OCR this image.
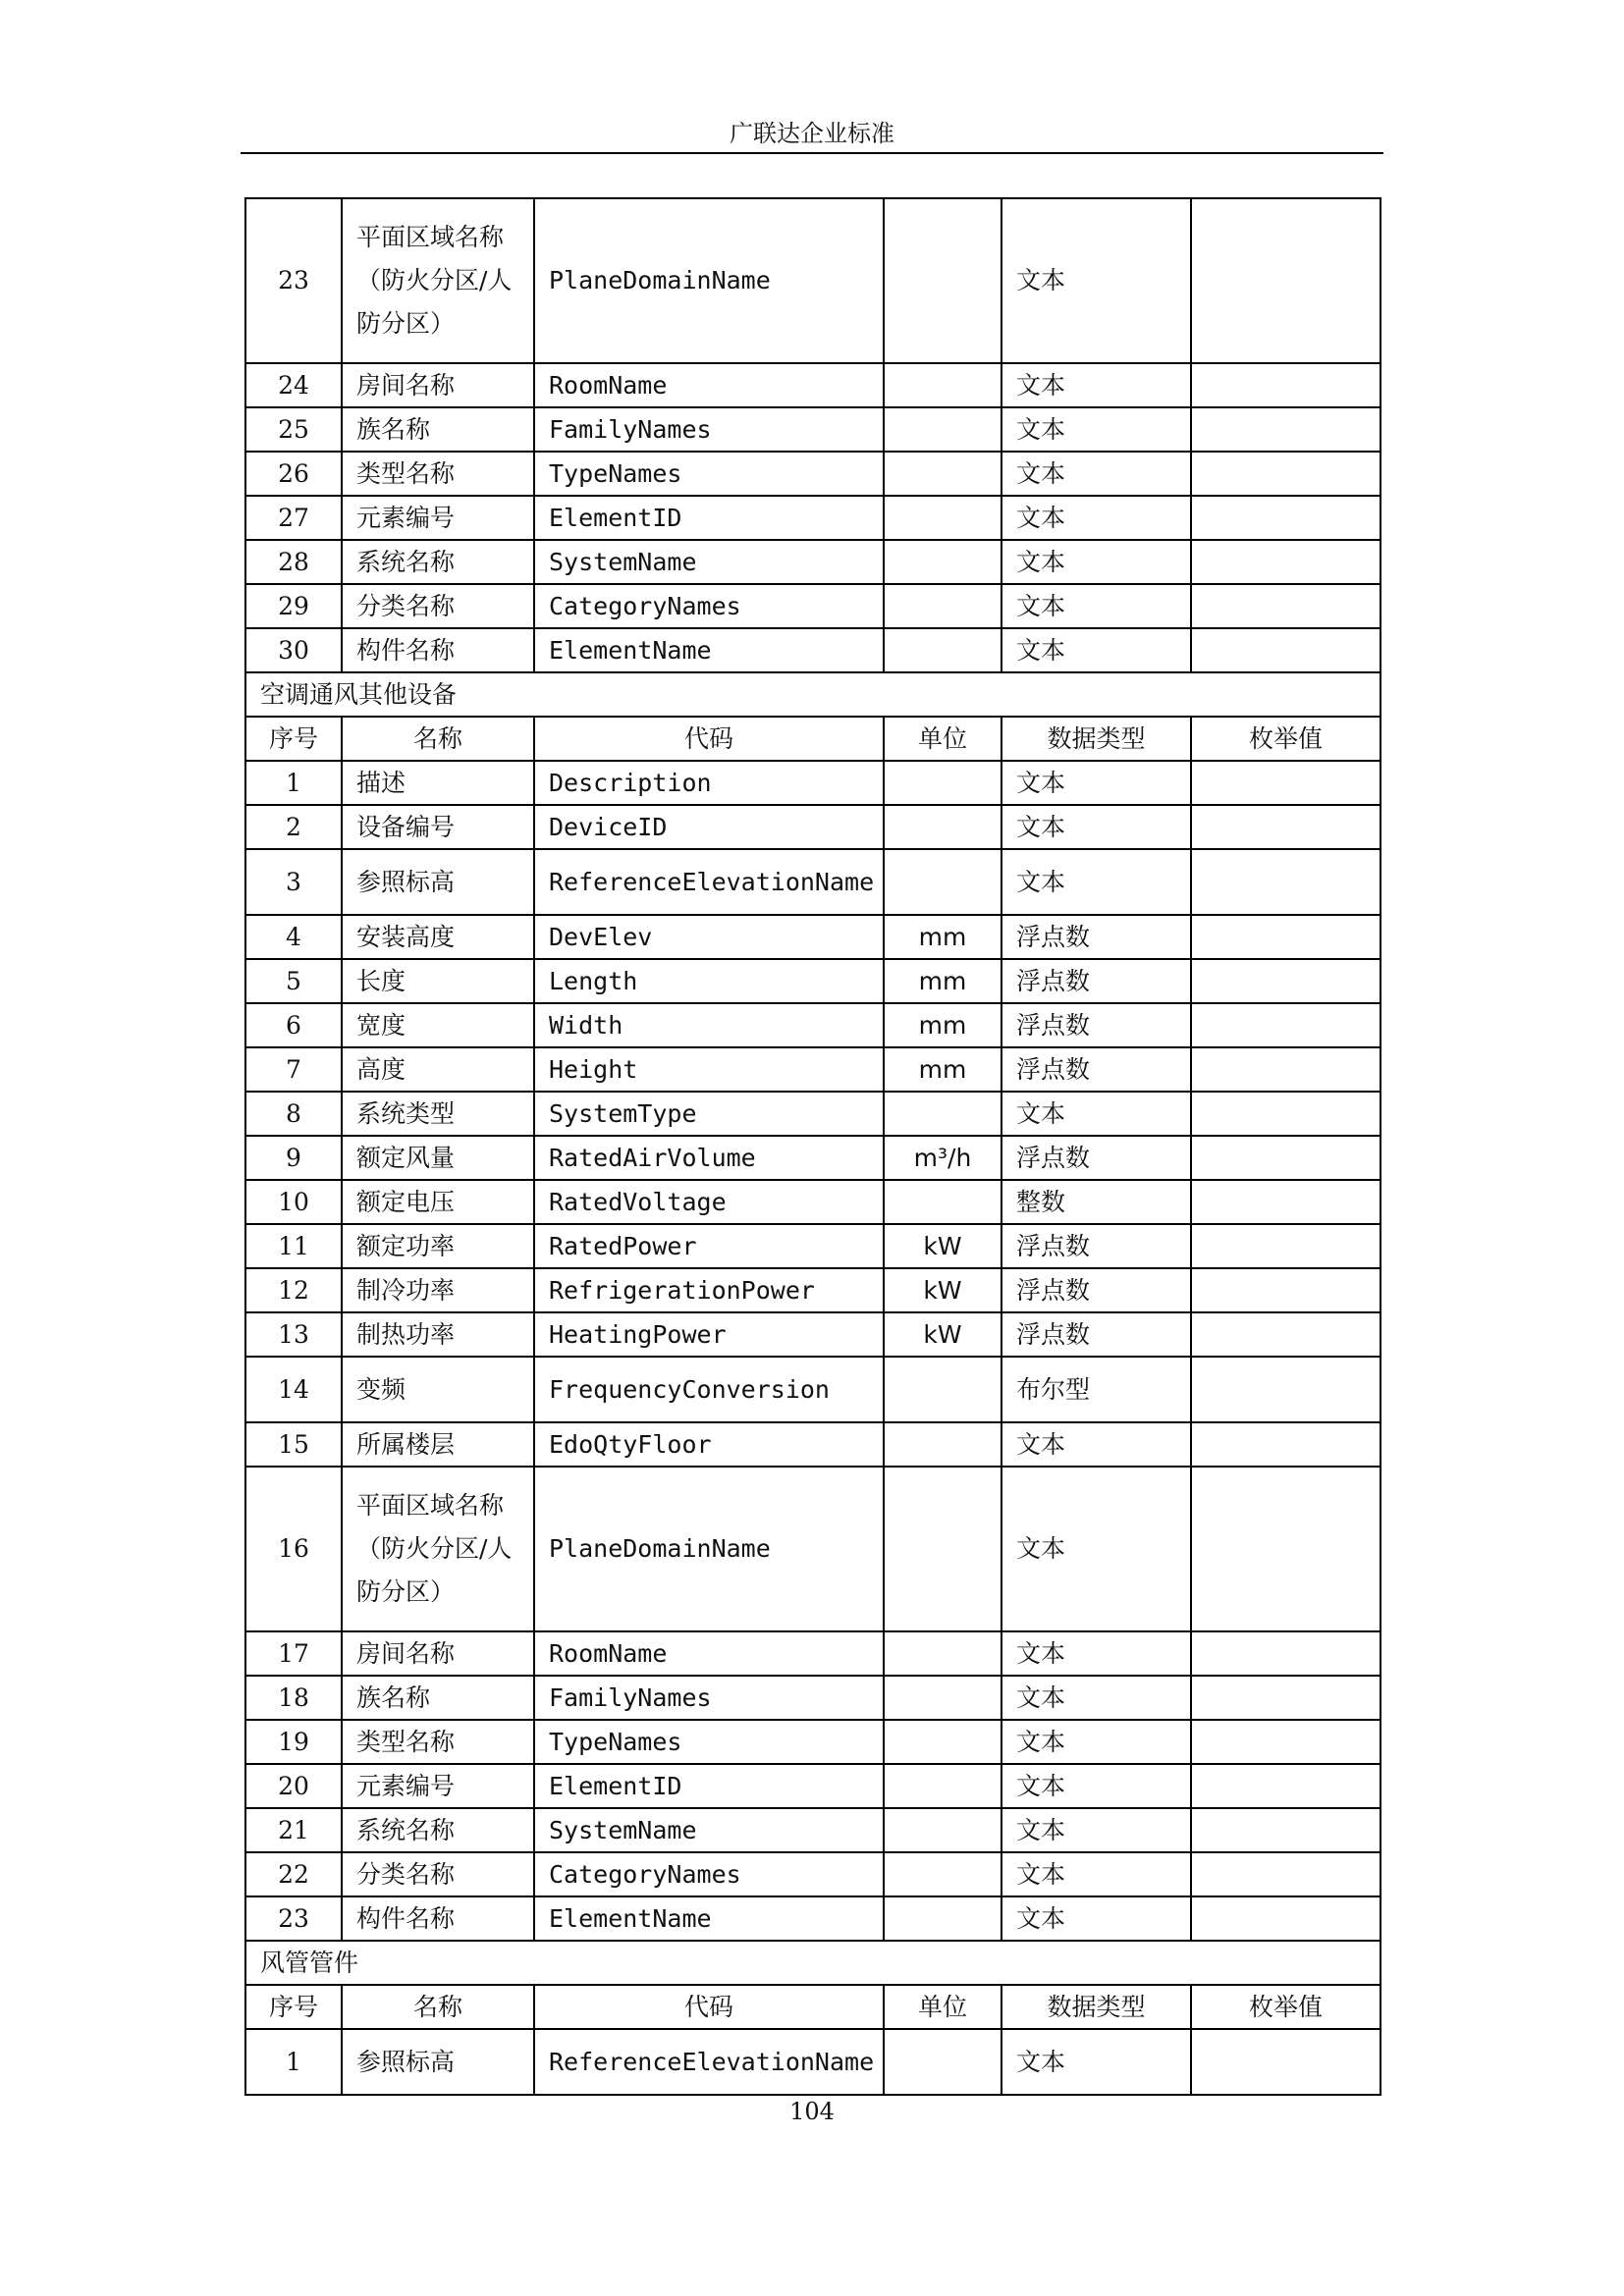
广联达企业标准
23	平面区域名称（防火分区/人防分区）	PlaneDomainName		文本	
24	房间名称	RoomName		文本	
25	族名称	FamilyNames		文本	
26	类型名称	TypeNames		文本	
27	元素编号	ElementID		文本	
28	系统名称	SystemName		文本	
29	分类名称	CategoryNames		文本	
30	构件名称	ElementName		文本	
空调通风其他设备					
序号	名称	代码	单位	数据类型	枚举值
1	描述	Description		文本	
2	设备编号	DeviceID		文本	
3	参照标高	ReferenceElevationName		文本	
4	安装高度	DevElev	mm	浮点数	
5	长度	Length	mm	浮点数	
6	宽度	Width	mm	浮点数	
7	高度	Height	mm	浮点数	
8	系统类型	SystemType		文本	
9	额定风量	RatedAirVolume	m³/h	浮点数	
10	额定电压	RatedVoltage		整数	
11	额定功率	RatedPower	kW	浮点数	
12	制冷功率	RefrigerationPower	kW	浮点数	
13	制热功率	HeatingPower	kW	浮点数	
14	变频	FrequencyConversion		布尔型	
15	所属楼层	EdoQtyFloor		文本	
16	平面区域名称（防火分区/人防分区）	PlaneDomainName		文本	
17	房间名称	RoomName		文本	
18	族名称	FamilyNames		文本	
19	类型名称	TypeNames		文本	
20	元素编号	ElementID		文本	
21	系统名称	SystemName		文本	
22	分类名称	CategoryNames		文本	
23	构件名称	ElementName		文本	
风管管件					
序号	名称	代码	单位	数据类型	枚举值
1	参照标高	ReferenceElevationName		文本	
104
